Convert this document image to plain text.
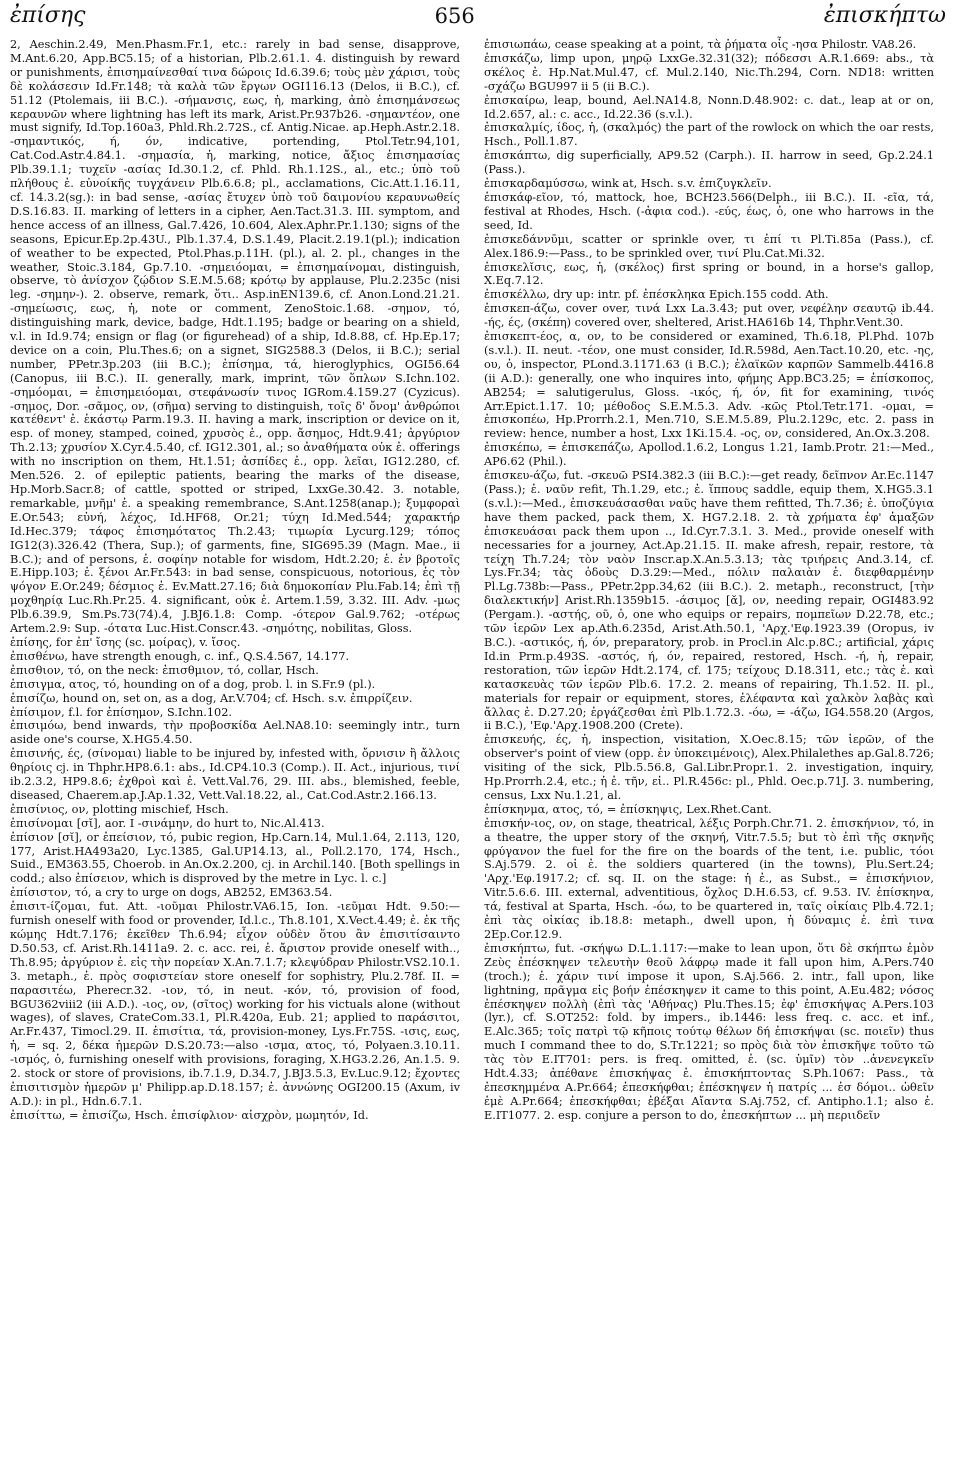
ἐπίσης	656	ἐπισκήπτω

2, Aeschin.2.49, Men.Phasm.Fr.1, etc.: rarely in bad sense, disapprove, M.Ant.6.20, App.BC5.15; of a historian, Plb.2.61.1. 4. distinguish by reward or punishments, ἐπισημαίνεσθαί τινα δώροις Id.6.39.6; τοὺς μὲν χάρισι, τοὺς δὲ κολάσεσιν Id.Fr.148; τὰ καλὰ τῶν ἔργων OGI116.13 (Delos, ii B.C.), cf. 51.12 (Ptolemais, iii B.C.). -σήμανσις, εως, ἡ, marking, ἀπὸ ἐπισημάνσεως κεραυνῶν where lightning has left its mark, Arist.Pr.937b26. -σημαντέον, one must signify, Id.Top.160a3, Phld.Rh.2.72S., cf. Antig.Nicae. ap.Heph.Astr.2.18. -σημαντικός, ή, όν, indicative, portending, Ptol.Tetr.94,101, Cat.Cod.Astr.4.84.1. -σημασία, ἡ, marking, notice, ἄξιος ἐπισημασίας Plb.39.1.1; τυχεῖν -ασίας Id.30.1.2, cf. Phld. Rh.1.12S., al., etc.; ὑπὸ τοῦ πλήθους ἐ. εὐνοίκῆς τυγχάνειν Plb.6.6.8; pl., acclamations, Cic.Att.1.16.11, cf. 14.3.2(sg.): in bad sense, -ασίας ἔτυχεν ὑπὸ τοῦ δαιμονίου κεραυνωθείς D.S.16.83. II. marking of letters in a cipher, Aen.Tact.31.3. III. symptom, and hence access of an illness, Gal.7.426, 10.604, Alex.Aphr.Pr.1.130; signs of the seasons, Epicur.Ep.2p.43U., Plb.1.37.4, D.S.1.49, Placit.2.19.1(pl.); indication of weather to be expected, Ptol.Phas.p.11H. (pl.), al. 2. pl., changes in the weather, Stoic.3.184, Gp.7.10. -σημειόομαι, = ἐπισημαίνομαι, distinguish, observe, τὸ ἀνίσχον ζῴδιον S.E.M.5.68; κρότῳ by applause, Plu.2.235c (nisi leg. -σημην-). 2. observe, remark, ὅτι.. Asp.inEN139.6, cf. Anon.Lond.21.21. -σημείωσις, εως, ἡ, note or comment, ZenoStoic.1.68. -σημον, τό, distinguishing mark, device, badge, Hdt.1.195; badge or bearing on a shield, v.l. in Id.9.74; ensign or flag (or figurehead) of a ship, Id.8.88, cf. Hp.Ep.17; device on a coin, Plu.Thes.6; on a signet, SIG2588.3 (Delos, ii B.C.); serial number, PPetr.3p.203 (iii B.C.); ἐπίσημα, τά, hieroglyphics, OGI56.64 (Canopus, iii B.C.). II. generally, mark, imprint, τῶν ὅπλων S.Ichn.102. -σημόομαι, = ἐπισημειόομαι, στεφάνωσίν τινος IGRom.4.159.27 (Cyzicus). -σημος, Dor. -σᾶμος, ον, (σῆμα) serving to distinguish, τοῖς δ' ὄνομ' ἀνθρώποι κατέθεντ' ἐ. ἑκάστῳ Parm.19.3. II. having a mark, inscription or device on it, esp. of money, stamped, coined, χρυσὸς ἐ., opp. ἄσημος, Hdt.9.41; ἀργύριον Th.2.13; χρυσίον X.Cyr.4.5.40, cf. IG12.301, al.; so ἀναθήματα οὐκ ἐ. offerings with no inscription on them, Ht.1.51; ἀσπίδες ἐ., opp. λεῖαι, IG12.280, cf. Men.526. 2. of epileptic patients, bearing the marks of the disease, Hp.Morb.Sacr.8; of cattle, spotted or striped, LxxGe.30.42. 3. notable, remarkable, μνῆμ' ἐ. a speaking remembrance, S.Ant.1258(anap.); ξυμφοραὶ E.Or.543; εὐνή, λέχος, Id.HF68, Or.21; τύχη Id.Med.544; χαρακτήρ Id.Hec.379; τάφος ἐπισημότατος Th.2.43; τιμωρία Lycurg.129; τόπος IG12(3).326.42 (Thera, Sup.); of garments, fine, SIG695.39 (Magn. Mae., ii B.C.); and of persons, ἐ. σοφίην notable for wisdom, Hdt.2.20; ἐ. ἐν βροτοῖς E.Hipp.103; ἐ. ξένοι Ar.Fr.543: in bad sense, conspicuous, notorious, ἐς τὸν ψόγον E.Or.249; δέσμιος ἐ. Ev.Matt.27.16; διὰ δημοκοπίαν Plu.Fab.14; ἐπὶ τῇ μοχθηρίᾳ Luc.Rh.Pr.25. 4. significant, οὐκ ἐ. Artem.1.59, 3.32. III. Adv. -μως Plb.6.39.9, Sm.Ps.73(74).4, J.BJ6.1.8: Comp. -ότερον Gal.9.762; -οτέρως Artem.2.9: Sup. -ότατα Luc.Hist.Conscr.43. -σημότης, nobilitas, Gloss.

ἐπίσης, for ἐπ' ἴσης (sc. μοίρας), v. ἴσος.

ἐπισθένω, have strength enough, c. inf., Q.S.4.567, 14.177.

ἐπισθιον, τό, on the neck: ἐπισθμιον, τό, collar, Hsch.

ἐπισιγμα, ατος, τό, hounding on of a dog, prob. l. in S.Fr.9 (pl.).

ἐπισίζω, hound on, set on, as a dog, Ar.V.704; cf. Hsch. s.v. ἐπιρρίζειν.

ἐπίσιμον, f.l. for ἐπίσημον, S.Ichn.102.

ἐπισιμόω, bend inwards, τὴν προβοσκίδα Ael.NA8.10: seemingly intr., turn aside one's course, X.HG5.4.50.

ἐπισινής, ές, (σίνομαι) liable to be injured by, infested with, ὄρνισιν ἢ ἄλλοις θηρίοις cj. in Thphr.HP8.6.1: abs., Id.CP4.10.3 (Comp.). II. Act., injurious, τινί ib.2.3.2, HP9.8.6; ἐχθροὶ καὶ ἐ. Vett.Val.76, 29. III. abs., blemished, feeble, diseased, Chaerem.ap.J.Ap.1.32, Vett.Val.18.22, al., Cat.Cod.Astr.2.166.13.

ἐπισίνιος, ον, plotting mischief, Hsch.

ἐπισίνομαι [σῐ], aor. I -σινάμην, do hurt to, Nic.Al.413.

ἐπίσιον [σῐ], or ἐπείσιον, τό, pubic region, Hp.Carn.14, Mul.1.64, 2.113, 120, 177, Arist.HA493a20, Lyc.1385, Gal.UP14.13, al., Poll.2.170, 174, Hsch., Suid., EM363.55, Choerob. in An.Ox.2.200, cj. in Archil.140. [Both spellings in codd.; also ἐπίσειον, which is disproved by the metre in Lyc. l. c.]

ἐπίσιστον, τό, a cry to urge on dogs, AB252, EM363.54.

ἐπισιτ-ίζομαι, fut. Att. -ιοῦμαι Philostr.VA6.15, Ion. -ιεῦμαι Hdt. 9.50:—furnish oneself with food or provender, Id.l.c., Th.8.101, X.Vect.4.49; ἐ. ἐκ τῆς κώμης Hdt.7.176; ἐκεῖθεν Th.6.94; εἶχον οὐδὲν ὅτου ἂν ἐπισιτίσαιντο D.50.53, cf. Arist.Rh.1411a9. 2. c. acc. rei, ἐ. ἄριστον provide oneself with.., Th.8.95; ἀργύριον ἐ. εἰς τὴν πορείαν X.An.7.1.7; κλεψύδραν Philostr.VS2.10.1. 3. metaph., ἐ. πρὸς σοφιστείαν store oneself for sophistry, Plu.2.78f. II. = παρασιτέω, Pherecr.32. -ιον, τό, in neut. -κόν, τό, provision of food, BGU362viii2 (iii A.D.). -ιος, ον, (σῖτος) working for his victuals alone (without wages), of slaves, CrateCom.33.1, Pl.R.420a, Eub. 21; applied to παράσιτοι, Ar.Fr.437, Timocl.29. II. ἐπισίτια, τά, provision-money, Lys.Fr.75S. -ισις, εως, ἡ, = sq. 2, δέκα ἡμερῶν D.S.20.73:—also -ισμα, ατος, τό, Polyaen.3.10.11. -ισμός, ὁ, furnishing oneself with provisions, foraging, X.HG3.2.26, An.1.5. 9. 2. stock or store of provisions, ib.7.1.9, D.34.7, J.BJ3.5.3, Ev.Luc.9.12; ἔχοντες ἐπισιτισμὸν ἡμερῶν μ' Philipp.ap.D.18.157; ἐ. ἀννώνης OGI200.15 (Axum, iv A.D.): in pl., Hdn.6.7.1.

ἐπισίττω, = ἐπισίζω, Hsch. ἐπισίφλιον· αἰσχρὸν, μωμητόν, Id.

ἐπισιωπάω, cease speaking at a point, τὰ ῥήματα οἷς -ησα Philostr. VA8.26.

ἐπισκάζω, limp upon, μηρῷ LxxGe.32.31(32); πόδεσσι A.R.1.669: abs., τὰ σκέλος ἐ. Hp.Nat.Mul.47, cf. Mul.2.140, Nic.Th.294, Corn. ND18: written -σχάζω BGU997 ii 5 (ii B.C.).

ἐπισκαίρω, leap, bound, Ael.NA14.8, Nonn.D.48.902: c. dat., leap at or on, Id.2.657, al.: c. acc., Id.22.36 (s.v.l.).

ἐπισκαλμίς, ίδος, ἡ, (σκαλμός) the part of the rowlock on which the oar rests, Hsch., Poll.1.87.

ἐπισκάπτω, dig superficially, AP9.52 (Carph.). II. harrow in seed, Gp.2.24.1 (Pass.).

ἐπισκαρδαμύσσω, wink at, Hsch. s.v. ἐπιζυγκλεῖν.

ἐπισκάφ-εῖον, τό, mattock, hoe, BCH23.566(Delph., iii B.C.). II. -εῖα, τά, festival at Rhodes, Hsch. (-ἀφια cod.). -εύς, έως, ὁ, one who harrows in the seed, Id.

ἐπισκεδάννῡμι, scatter or sprinkle over, τι ἐπί τι Pl.Ti.85a (Pass.), cf. Alex.186.9:—Pass., to be sprinkled over, τινί Plu.Cat.Mi.32.

ἐπισκελῐσις, εως, ἡ, (σκέλος) first spring or bound, in a horse's gallop, X.Eq.7.12.

ἐπισκέλλω, dry up: intr. pf. ἐπέσκληκα Epich.155 codd. Ath.

ἐπισκεπ-άζω, cover over, τινά Lxx La.3.43; put over, νεφέλην σεαυτῷ ib.44. -ής, ές, (σκέπη) covered over, sheltered, Arist.HA616b 14, Thphr.Vent.30.

ἐπισκεπτ-έος, α, ον, to be considered or examined, Th.6.18, Pl.Phd. 107b (s.v.l.). II. neut. -τέον, one must consider, Id.R.598d, Aen.Tact.10.20, etc. -ης, ου, ὁ, inspector, PLond.3.1171.63 (i B.C.); ἐλαϊκῶν καρπῶν Sammelb.4416.8 (ii A.D.): generally, one who inquires into, φήμης App.BC3.25; = ἐπίσκοπος, AB254; = salutigerulus, Gloss. -ικός, ή, όν, fit for examining, τινός Arr.Epict.1.17. 10; μέθοδος S.E.M.5.3. Adv. -κῶς Ptol.Tetr.171. -ομαι, = ἐπισκοπέω, Hp.Prorrh.2.1, Men.710, S.E.M.5.89, Plu.2.129c, etc. 2. pass in review: hence, number a host, Lxx 1Ki.15.4. -ος, ον, considered, An.Ox.3.208.

ἐπισκέπω, = ἐπισκεπάζω, Apollod.1.6.2, Longus 1.21, Iamb.Protr. 21:—Med., AP6.62 (Phil.).

ἐπισκευ-άζω, fut. -σκευῶ PSI4.382.3 (iii B.C.):—get ready, δεῖπνον Ar.Ec.1147 (Pass.); ἐ. ναῦν refit, Th.1.29, etc.; ἐ. ἵππους saddle, equip them, X.HG5.3.1 (s.v.l.):—Med., ἐπισκευάσασθαι ναῦς have them refitted, Th.7.36; ἐ. ὑποζύγια have them packed, pack them, X. HG7.2.18. 2. τὰ χρήματα ἐφ' ἁμαξῶν ἐπισκευάσαι pack them upon .., Id.Cyr.7.3.1. 3. Med., provide oneself with necessaries for a journey, Act.Ap.21.15. II. make afresh, repair, restore, τὰ τείχη Th.7.24; τὸν ναὸν Inscr.ap.X.An.5.3.13; τὰς τριήρεις And.3.14, cf. Lys.Fr.34; τὰς ὁδοὺς D.3.29:—Med., πόλιν παλαιὰν ἐ. διεφθαρμένην Pl.Lg.738b:—Pass., PPetr.2pp.34,62 (iii B.C.). 2. metaph., reconstruct, [τὴν διαλεκτικήν] Arist.Rh.1359b15. -άσιμος [ᾰ], ον, needing repair, OGI483.92 (Pergam.). -αστής, οῦ, ὁ, one who equips or repairs, πομπεῖων D.22.78, etc.; τῶν ἱερῶν Lex ap.Ath.6.235d, Arist.Ath.50.1, 'Αρχ.'Εφ.1923.39 (Oropus, iv B.C.). -αστικός, ή, όν, preparatory, prob. in Procl.in Alc.p.8C.; artificial, χάρις Id.in Prm.p.493S. -αστός, ή, όν, repaired, restored, Hsch. -ή, ἡ, repair, restoration, τῶν ἱερῶν Hdt.2.174, cf. 175; τείχους D.18.311, etc.; τὰς ἐ. καὶ κατασκευὰς τῶν ἱερῶν Plb.6. 17.2. 2. means of repairing, Th.1.52. II. pl., materials for repair or equipment, stores, ἐλέφαντα καὶ χαλκὸν λαβὰς καὶ ἄλλας ἐ. D.27.20; ἐργάζεσθαι ἐπὶ Plb.1.72.3. -όω, = -άζω, IG4.558.20 (Argos, ii B.C.), 'Εφ.'Αρχ.1908.200 (Crete).

ἐπισκευής, ές, ἡ, inspection, visitation, X.Oec.8.15; τῶν ἱερῶν, of the observer's point of view (opp. ἐν ὑποκειμένοις), Alex.Philalethes ap.Gal.8.726; visiting of the sick, Plb.5.56.8, Gal.Libr.Propr.1. 2. investigation, inquiry, Hp.Prorrh.2.4, etc.; ἡ ἐ. τῆν, εἰ.. Pl.R.456c: pl., Phld. Oec.p.71J. 3. numbering, census, Lxx Nu.1.21, al.

ἐπίσκηνμα, ατος, τό, = ἐπίσκηψις, Lex.Rhet.Cant.

ἐπισκήν-ιος, ον, on stage, theatrical, λέξις Porph.Chr.71. 2. ἐπισκήνιον, τό, in a theatre, the upper story of the σκηνή, Vitr.7.5.5; but τὸ ἐπὶ τῆς σκηνῆς φρύγανον the fuel for the fire on the boards of the tent, i.e. public, τόοι S.Aj.579. 2. οἱ ἐ. the soldiers quartered (in the towns), Plu.Sert.24; 'Αρχ.'Εφ.1917.2; cf. sq. II. on the stage: ἡ ἐ., as Subst., = ἐπισκήνιον, Vitr.5.6.6. III. external, adventitious, ὄχλος D.H.6.53, cf. 9.53. IV. ἐπίσκηνα, τά, festival at Sparta, Hsch. -όω, to be quartered in, ταῖς οἰκίαις Plb.4.72.1; ἐπὶ τὰς οἰκίας ib.18.8: metaph., dwell upon, ἡ δύναμις ἐ. ἐπὶ τινα 2Ep.Cor.12.9.

ἐπισκήπτω, fut. -σκήψω D.L.1.117:—make to lean upon, ὅτι δὲ σκήπτω ἐμὸν Ζεὺς ἐπέσκηψεν τελευτὴν θεοῦ λάφρῳ made it fall upon him, A.Pers.740 (troch.); ἐ. χάριν τινί impose it upon, S.Aj.566. 2. intr., fall upon, like lightning, πρᾶγμα εἰς βοήν ἐπέσκηψεν it came to this point, A.Eu.482; νόσος ἐπέσκηψεν πολλὴ (ἐπὶ τὰς 'Αθήνας) Plu.Thes.15; ἐφ' ἐπισκήψας A.Pers.103 (lyr.), cf. S.OT252: fold. by impers., ib.1446: less freq. c. acc. et inf., E.Alc.365; τοῖς πατρὶ τῷ κῆποις τούτῳ θέλων δή ἐπισκήψαι (sc. ποιεῖν) thus much I command thee to do, S.Tr.1221; so πρὸς διὰ τὸν ἐπισκῆψε τοῦτο τῶ τὰς τὸν E.IT701: pers. is freq. omitted, ἐ. (sc. ὑμῖν) τὸν ..ἀνενεγκεῖν Hdt.4.33; ἀπέθανε ἐπισκήψας ἐ. ἐπισκήπτοντας S.Ph.1067: Pass., τὰ ἐπεσκημμένα A.Pr.664; ἐπεσκήφθαι; ἐπέσκηψεν ἡ πατρίς ... ἐσ δόμοι.. ὠθεῖν ἐμὲ A.Pr.664; ἐπεσκήφθαι; ἑβέξαι Αἴαντα S.Aj.752, cf. Antipho.1.1; also ἐ. E.IT1077. 2. esp. conjure a person to do, ἐπεσκήπτων ... μὴ περιιδεῖν
